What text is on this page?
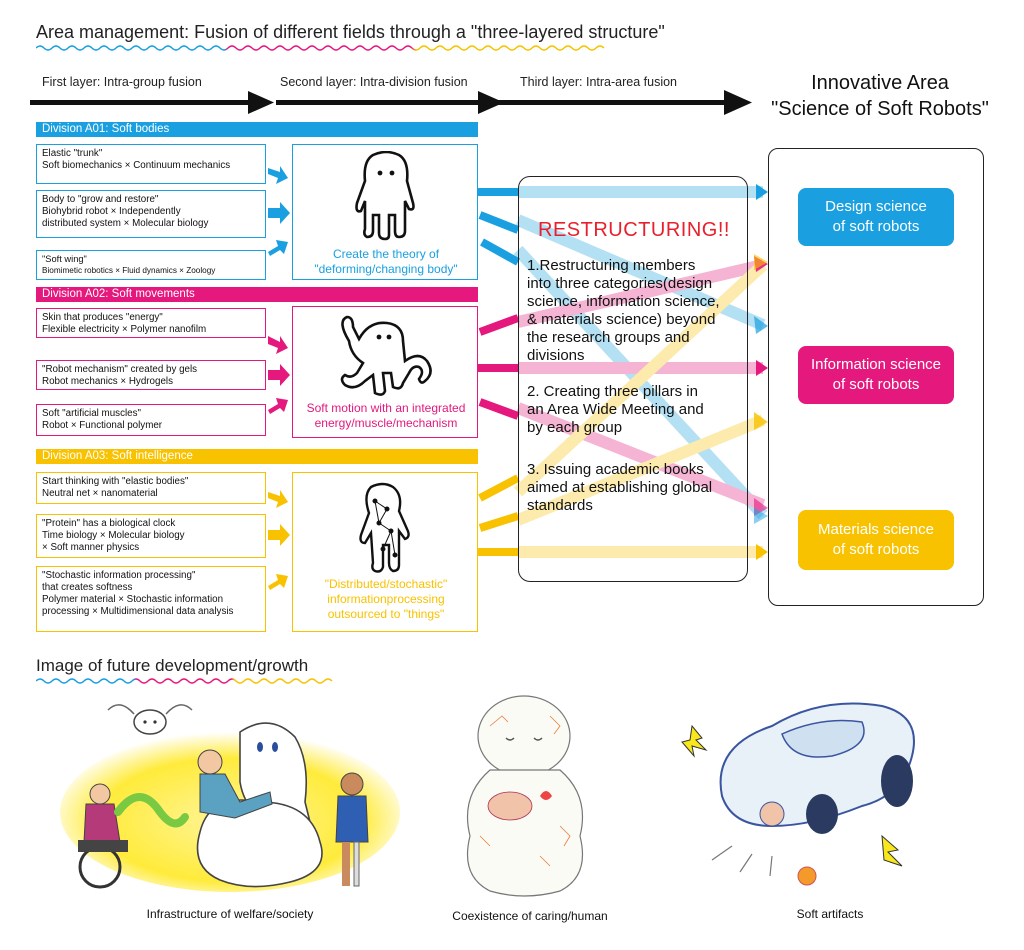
Area management: Fusion of different fields through a "three-layered structure"
First layer: Intra-group fusion	Second layer: Intra-division fusion	Third layer: Intra-area fusion	Innovative Area
"Science of Soft Robots"
Division A01: Soft bodies
Elastic "trunk"
Soft biomechanics × Continuum mechanics
Body to "grow and restore"
Biohybrid robot × Independently
distributed system × Molecular biology
"Soft wing"
Biomimetic robotics × Fluid dynamics × Zoology
Create the theory of
"deforming/changing body"
Division A02: Soft movements
Skin that produces "energy"
Flexible electricity × Polymer nanofilm
"Robot mechanism" created by gels
Robot mechanics × Hydrogels
Soft "artificial muscles"
Robot × Functional polymer
Soft motion with an integrated
energy/muscle/mechanism
Division A03: Soft intelligence
Start thinking with "elastic bodies"
Neutral net × nanomaterial
"Protein" has a biological clock
Time biology × Molecular biology
× Soft manner physics
"Stochastic information processing"
that creates softness
Polymer material × Stochastic information
processing × Multidimensional data analysis
"Distributed/stochastic"
informationprocessing
outsourced to "things"
RESTRUCTURING!!
1.Restructuring members
into three categories(design
science, information science,
& materials science) beyond
the research groups and
divisions
2. Creating three pillars in
an Area Wide Meeting and
by each group
3. Issuing academic books
aimed at establishing global
standards
Design science
of soft robots
Information science
of soft robots
Materials science
of soft robots
Image of future development/growth
Infrastructure of welfare/society	Coexistence of caring/human	Soft artifacts
